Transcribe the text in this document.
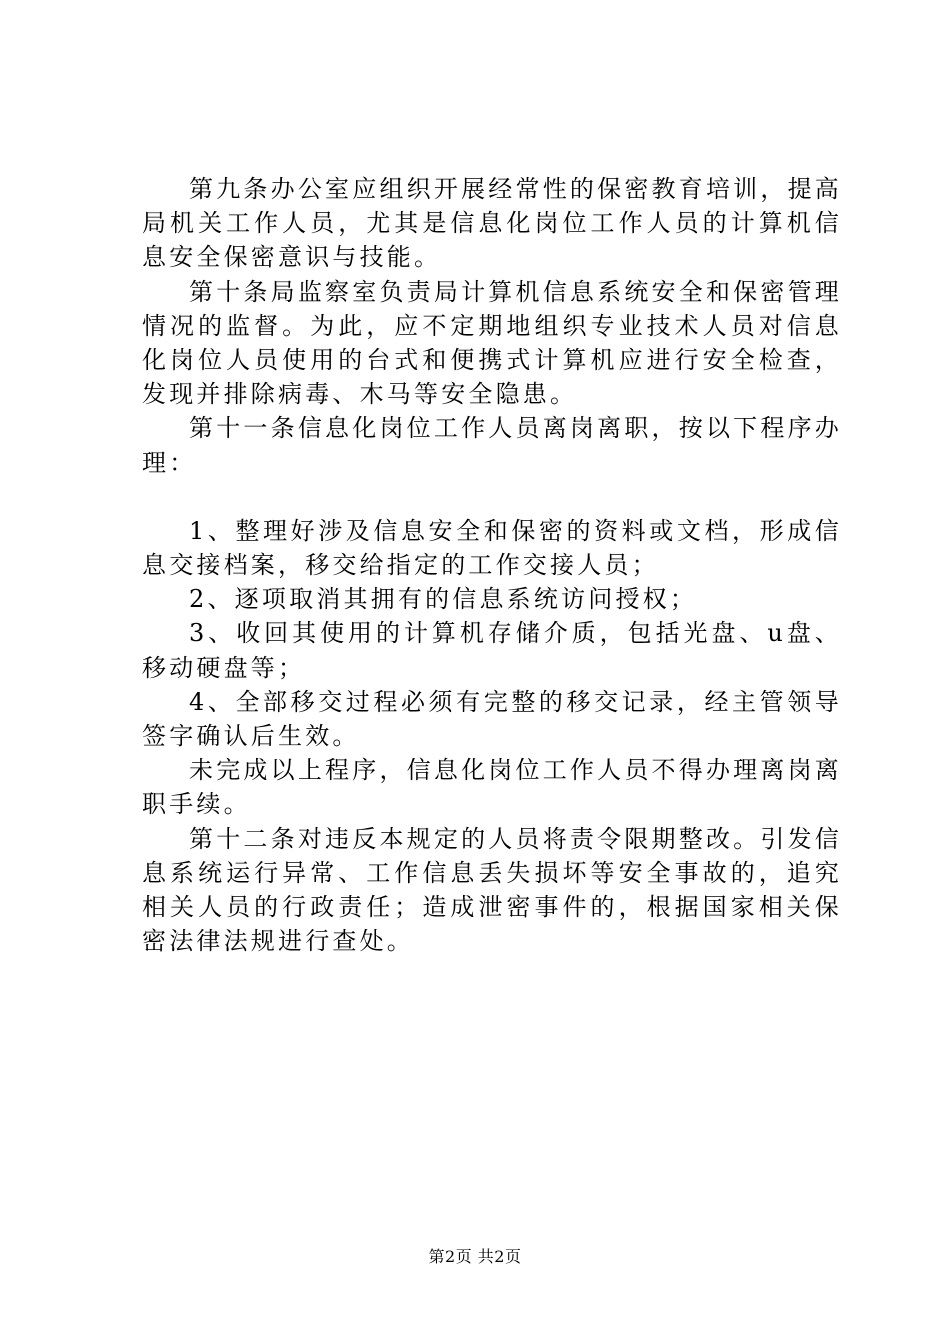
第九条办公室应组织开展经常性的保密教育培训，提高局机关工作人员，尤其是信息化岗位工作人员的计算机信息安全保密意识与技能。

第十条局监察室负责局计算机信息系统安全和保密管理情况的监督。为此，应不定期地组织专业技术人员对信息化岗位人员使用的台式和便携式计算机应进行安全检查，发现并排除病毒、木马等安全隐患。

第十一条信息化岗位工作人员离岗离职，按以下程序办理：

1、整理好涉及信息安全和保密的资料或文档，形成信息交接档案，移交给指定的工作交接人员；

2、逐项取消其拥有的信息系统访问授权；

3、收回其使用的计算机存储介质，包括光盘、u盘、移动硬盘等；

4、全部移交过程必须有完整的移交记录，经主管领导签字确认后生效。

未完成以上程序，信息化岗位工作人员不得办理离岗离职手续。

第十二条对违反本规定的人员将责令限期整改。引发信息系统运行异常、工作信息丢失损坏等安全事故的，追究相关人员的行政责任；造成泄密事件的，根据国家相关保密法律法规进行查处。

第2页 共2页
